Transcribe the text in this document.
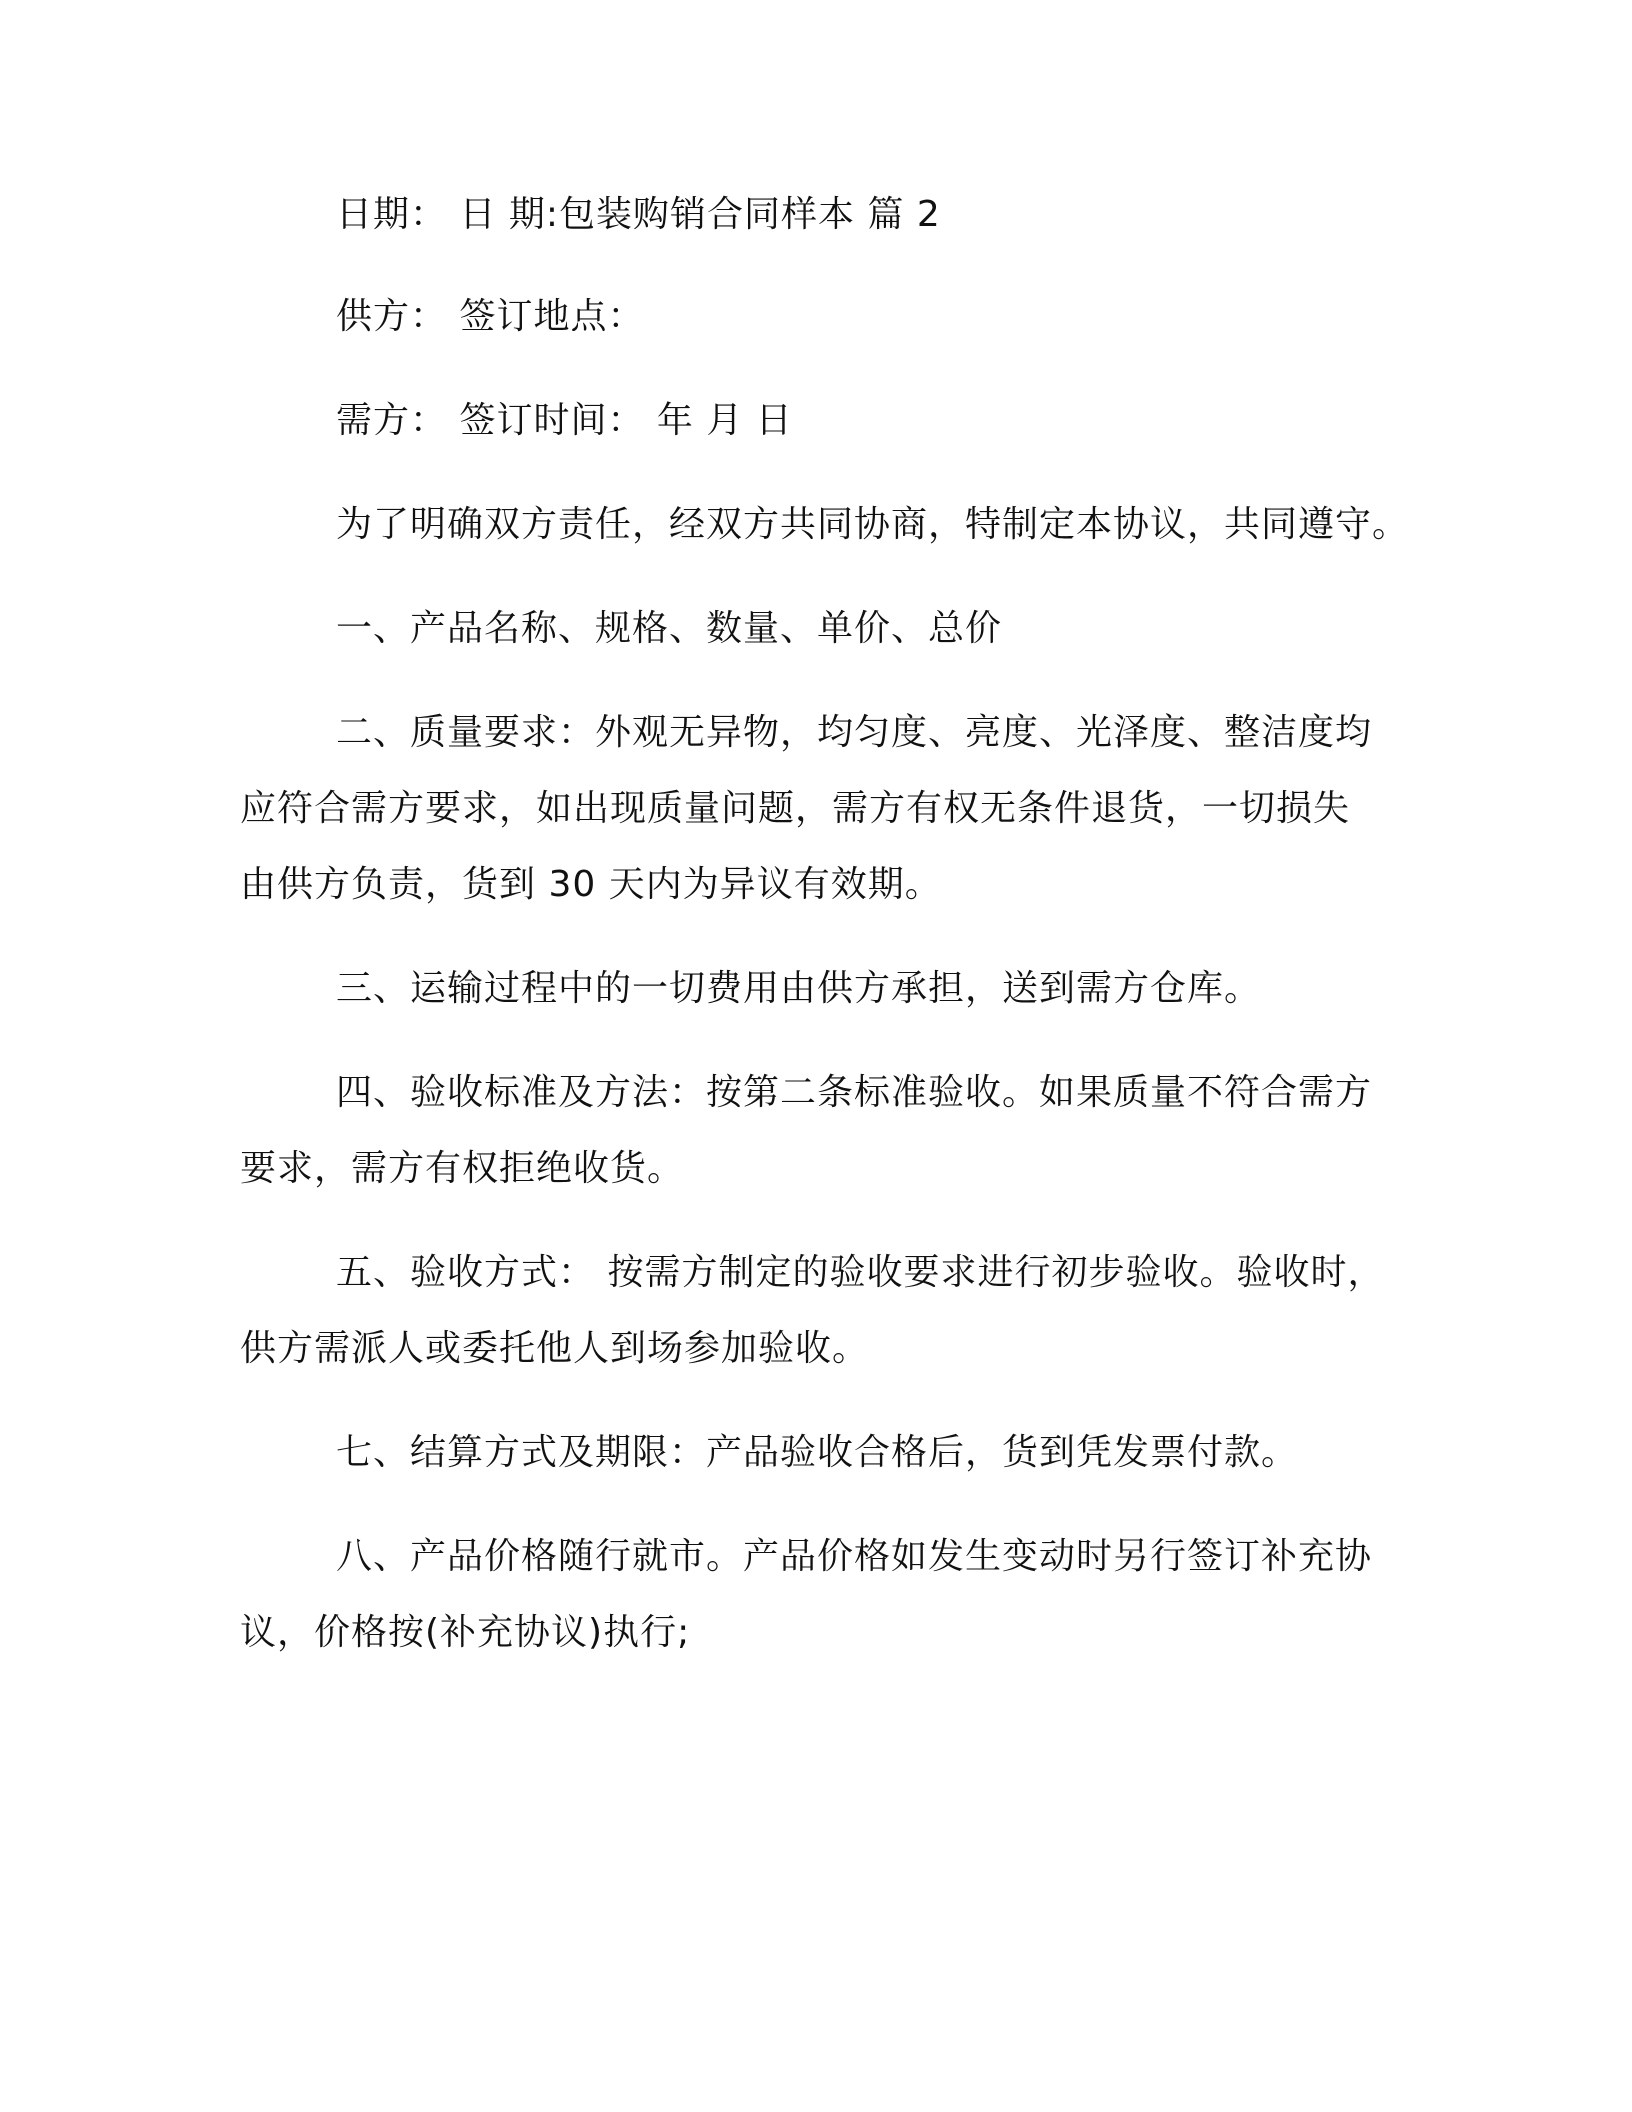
日期： 日 期:包装购销合同样本 篇 2
供方： 签订地点：
需方： 签订时间： 年 月 日
为了明确双方责任，经双方共同协商，特制定本协议，共同遵守。
一、产品名称、规格、数量、单价、总价
二、质量要求：外观无异物，均匀度、亮度、光泽度、整洁度均
应符合需方要求，如出现质量问题，需方有权无条件退货，一切损失
由供方负责，货到 30 天内为异议有效期。
三、运输过程中的一切费用由供方承担，送到需方仓库。
四、验收标准及方法：按第二条标准验收。如果质量不符合需方
要求，需方有权拒绝收货。
五、验收方式： 按需方制定的验收要求进行初步验收。验收时，
供方需派人或委托他人到场参加验收。
七、结算方式及期限：产品验收合格后，货到凭发票付款。
八、产品价格随行就市。产品价格如发生变动时另行签订补充协
议，价格按(补充协议)执行;
